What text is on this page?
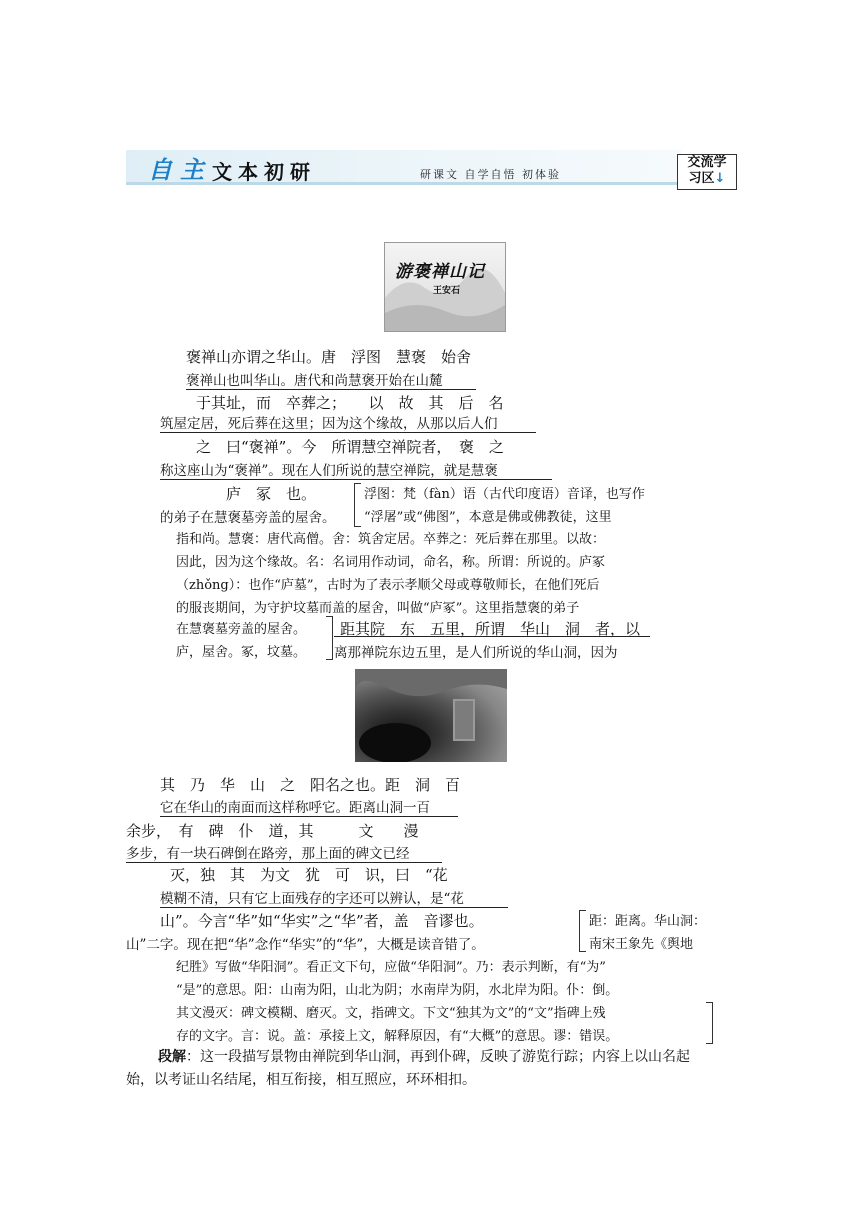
自 主 文本初研	研课文 自学自悟 初体验
交流学
习区↓
游褒禅山记
王安石
褒禅山亦谓之华山。唐　浮图　慧褒　始舍
褒禅山也叫华山。唐代和尚慧褒开始在山麓
于其址，而　卒葬之；　　以　故　其　后　名
筑屋定居，死后葬在这里；因为这个缘故，从那以后人们
之　曰“褒禅”。今　所谓慧空禅院者，　褒　之
称这座山为“褒禅”。现在人们所说的慧空禅院，就是慧褒
庐　冢　也。
的弟子在慧褒墓旁盖的屋舍。
浮图：梵（fàn）语（古代印度语）音译，也写作
“浮屠”或“佛图”，本意是佛或佛教徒，这里
指和尚。慧褒：唐代高僧。舍：筑舍定居。卒葬之：死后葬在那里。以故：
因此，因为这个缘故。名：名词用作动词，命名，称。所谓：所说的。庐冢
（zhǒng）：也作“庐墓”，古时为了表示孝顺父母或尊敬师长，在他们死后
的服丧期间，为守护坟墓而盖的屋舍，叫做“庐冢”。这里指慧褒的弟子
在慧褒墓旁盖的屋舍。
庐，屋舍。冢，坟墓。
距其院　东　五里，所谓　华山　洞　者，以
离那禅院东边五里，是人们所说的华山洞，因为
其　乃　华　山　之　阳名之也。距　洞　百
它在华山的南面而这样称呼它。距离山洞一百
余步，　有　碑　仆　道，其　　　文　　漫
多步，有一块石碑倒在路旁，那上面的碑文已经
灭，独　其　为文　犹　可　识，曰　“花
模糊不清，只有它上面残存的字还可以辨认，是“花
山”。今言“华”如“华实”之“华”者，盖　音谬也。
山”二字。现在把“华”念作“华实”的“华”，大概是读音错了。
距：距离。华山洞：
南宋王象先《舆地
纪胜》写做“华阳洞”。看正文下句，应做“华阳洞”。乃：表示判断，有“为”
“是”的意思。阳：山南为阳，山北为阴；水南岸为阴，水北岸为阳。仆：倒。
其文漫灭：碑文模糊、磨灭。文，指碑文。下文“独其为文”的“文”指碑上残
存的文字。言：说。盖：承接上文，解释原因，有“大概”的意思。谬：错误。
段解：这一段描写景物由禅院到华山洞，再到仆碑，反映了游览行踪；内容上以山名起
始，以考证山名结尾，相互衔接，相互照应，环环相扣。
